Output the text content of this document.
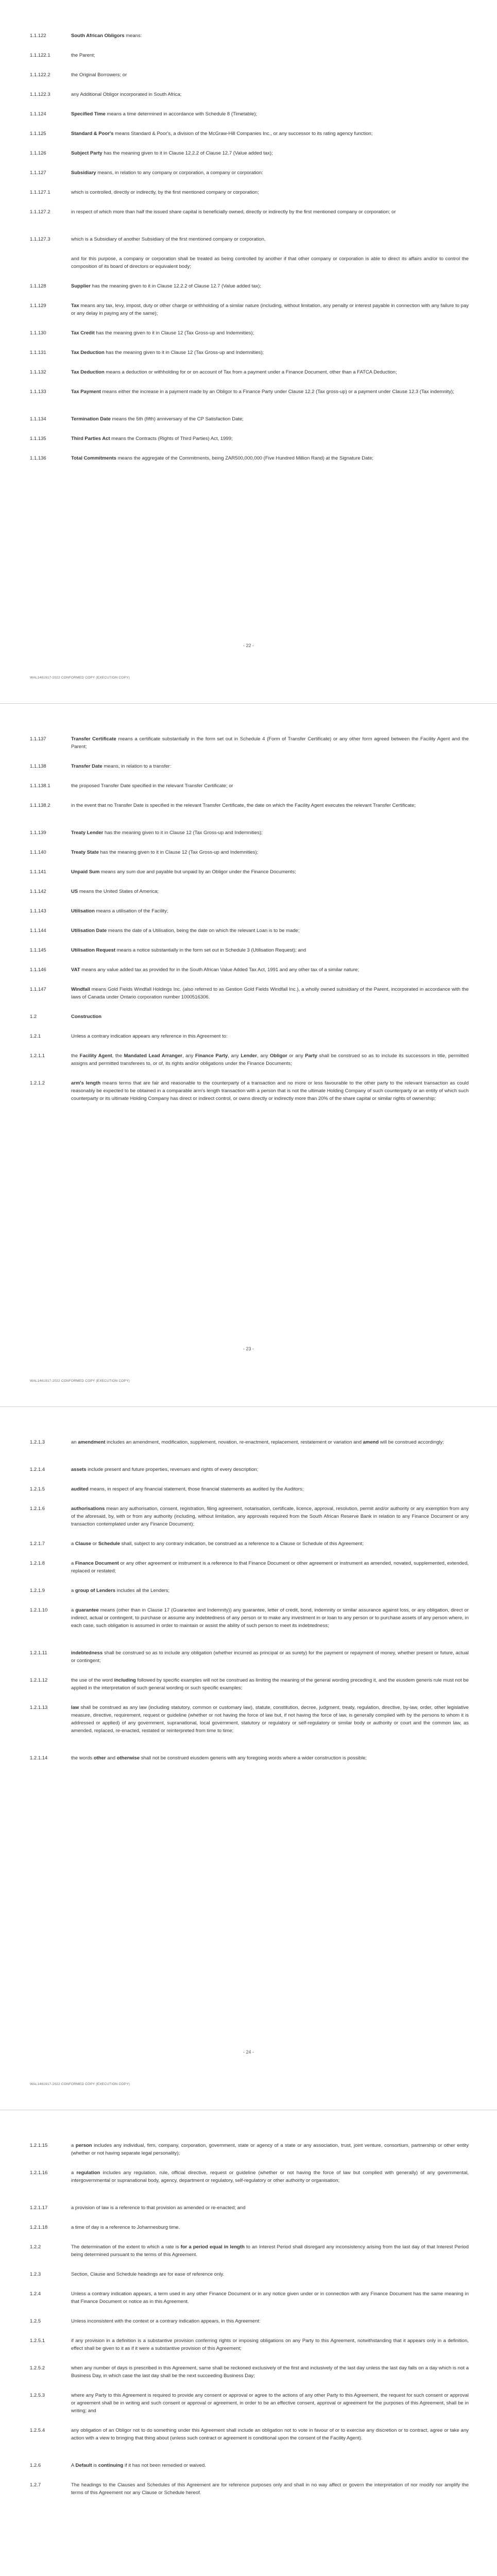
1.1.122	South African Obligors means:
1.1.122.1	the Parent;
1.1.122.2	the Original Borrowers; or
1.1.122.3	any Additional Obligor incorporated in South Africa;
1.1.124	Specified Time means a time determined in accordance with Schedule 8 (Timetable);
1.1.125	Standard & Poor's means Standard & Poor's, a division of the McGraw-Hill Companies Inc., or any successor to its rating agency function;
1.1.126	Subject Party has the meaning given to it in Clause 12.2.2 of Clause 12.7 (Value added tax);
1.1.127	Subsidiary means, in relation to any company or corporation, a company or corporation:
1.1.127.1	which is controlled, directly or indirectly, by the first mentioned company or corporation;
1.1.127.2	in respect of which more than half the issued share capital is beneficially owned, directly or indirectly by the first mentioned company or corporation; or
1.1.127.3	which is a Subsidiary of another Subsidiary of the first mentioned company or corporation,
and for this purpose, a company or corporation shall be treated as being controlled by another if that other company or corporation is able to direct its affairs and/or to control the composition of its board of directors or equivalent body;
1.1.128	Supplier has the meaning given to it in Clause 12.2.2 of Clause 12.7 (Value added tax);
1.1.129	Tax means any tax, levy, impost, duty or other charge or withholding of a similar nature (including, without limitation, any penalty or interest payable in connection with any failure to pay or any delay in paying any of the same);
1.1.130	Tax Credit has the meaning given to it in Clause 12 (Tax Gross-up and Indemnities);
1.1.131	Tax Deduction has the meaning given to it in Clause 12 (Tax Gross-up and Indemnities);
1.1.132	Tax Deduction means a deduction or withholding for or on account of Tax from a payment under a Finance Document, other than a FATCA Deduction;
1.1.133	Tax Payment means either the increase in a payment made by an Obligor to a Finance Party under Clause 12.2 (Tax gross-up) or a payment under Clause 12.3 (Tax indemnity);
1.1.134	Termination Date means the 5th (fifth) anniversary of the CP Satisfaction Date;
1.1.135	Third Parties Act means the Contracts (Rights of Third Parties) Act, 1999;
1.1.136	Total Commitments means the aggregate of the Commitments, being ZAR500,000,000 (Five Hundred Million Rand) at the Signature Date;
- 22 -
WAL1461917-2022 CONFORMED COPY (EXECUTION COPY)
1.1.137	Transfer Certificate means a certificate substantially in the form set out in Schedule 4 (Form of Transfer Certificate) or any other form agreed between the Facility Agent and the Parent;
1.1.138	Transfer Date means, in relation to a transfer:
1.1.138.1	the proposed Transfer Date specified in the relevant Transfer Certificate; or
1.1.138.2	in the event that no Transfer Date is specified in the relevant Transfer Certificate, the date on which the Facility Agent executes the relevant Transfer Certificate;
1.1.139	Treaty Lender has the meaning given to it in Clause 12 (Tax Gross-up and Indemnities);
1.1.140	Treaty State has the meaning given to it in Clause 12 (Tax Gross-up and Indemnities);
1.1.141	Unpaid Sum means any sum due and payable but unpaid by an Obligor under the Finance Documents;
1.1.142	US means the United States of America;
1.1.143	Utilisation means a utilisation of the Facility;
1.1.144	Utilisation Date means the date of a Utilisation, being the date on which the relevant Loan is to be made;
1.1.145	Utilisation Request means a notice substantially in the form set out in Schedule 3 (Utilisation Request); and
1.1.146	VAT means any value added tax as provided for in the South African Value Added Tax Act, 1991 and any other tax of a similar nature;
1.1.147	Windfall means Gold Fields Windfall Holdings Inc. (also referred to as Gestion Gold Fields Windfall Inc.), a wholly owned subsidiary of the Parent, incorporated in accordance with the laws of Canada under Ontario corporation number 1000516306.
1.2	Construction
1.2.1	Unless a contrary indication appears any reference in this Agreement to:
1.2.1.1	the Facility Agent, the Mandated Lead Arranger, any Finance Party, any Lender, any Obligor or any Party shall be construed so as to include its successors in title, permitted assigns and permitted transferees to, or of, its rights and/or obligations under the Finance Documents;
1.2.1.2	arm's length means terms that are fair and reasonable to the counterparty of a transaction and no more or less favourable to the other party to the relevant transaction as could reasonably be expected to be obtained in a comparable arm's length transaction with a person that is not the ultimate Holding Company of such counterparty or an entity of which such counterparty or its ultimate Holding Company has direct or indirect control, or owns directly or indirectly more than 20% of the share capital or similar rights of ownership;
- 23 -
WAL1461917-2022 CONFORMED COPY (EXECUTION COPY)
1.2.1.3	an amendment includes an amendment, modification, supplement, novation, re-enactment, replacement, restatement or variation and amend will be construed accordingly;
1.2.1.4	assets include present and future properties, revenues and rights of every description;
1.2.1.5	audited means, in respect of any financial statement, those financial statements as audited by the Auditors;
1.2.1.6	authorisations mean any authorisation, consent, registration, filing agreement, notarisation, certificate, licence, approval, resolution, permit and/or authority or any exemption from any of the aforesaid, by, with or from any authority (including, without limitation, any approvals required from the South African Reserve Bank in relation to any Finance Document or any transaction contemplated under any Finance Document);
1.2.1.7	a Clause or Schedule shall, subject to any contrary indication, be construed as a reference to a Clause or Schedule of this Agreement;
1.2.1.8	a Finance Document or any other agreement or instrument is a reference to that Finance Document or other agreement or instrument as amended, novated, supplemented, extended, replaced or restated;
1.2.1.9	a group of Lenders includes all the Lenders;
1.2.1.10	a guarantee means (other than in Clause 17 (Guarantee and Indemnity)) any guarantee, letter of credit, bond, indemnity or similar assurance against loss, or any obligation, direct or indirect, actual or contingent, to purchase or assume any indebtedness of any person or to make any investment in or loan to any person or to purchase assets of any person where, in each case, such obligation is assumed in order to maintain or assist the ability of such person to meet its indebtedness;
1.2.1.11	indebtedness shall be construed so as to include any obligation (whether incurred as principal or as surety) for the payment or repayment of money, whether present or future, actual or contingent;
1.2.1.12	the use of the word including followed by specific examples will not be construed as limiting the meaning of the general wording preceding it, and the eiusdem generis rule must not be applied in the interpretation of such general wording or such specific examples;
1.2.1.13	law shall be construed as any law (including statutory, common or customary law), statute, constitution, decree, judgment, treaty, regulation, directive, by-law, order, other legislative measure, directive, requirement, request or guideline (whether or not having the force of law but, if not having the force of law, is generally complied with by the persons to whom it is addressed or applied) of any government, supranational, local government, statutory or regulatory or self-regulatory or similar body or authority or court and the common law, as amended, replaced, re-enacted, restated or reinterpreted from time to time;
1.2.1.14	the words other and otherwise shall not be construed eiusdem generis with any foregoing words where a wider construction is possible;
- 24 -
WAL1461917-2022 CONFORMED COPY (EXECUTION COPY)
1.2.1.15	a person includes any individual, firm, company, corporation, government, state or agency of a state or any association, trust, joint venture, consortium, partnership or other entity (whether or not having separate legal personality);
1.2.1.16	a regulation includes any regulation, rule, official directive, request or guideline (whether or not having the force of law but complied with generally) of any governmental, intergovernmental or supranational body, agency, department or regulatory, self-regulatory or other authority or organisation;
1.2.1.17	a provision of law is a reference to that provision as amended or re-enacted; and
1.2.1.18	a time of day is a reference to Johannesburg time.
1.2.2	The determination of the extent to which a rate is for a period equal in length to an Interest Period shall disregard any inconsistency arising from the last day of that Interest Period being determined pursuant to the terms of this Agreement.
1.2.3	Section, Clause and Schedule headings are for ease of reference only.
1.2.4	Unless a contrary indication appears, a term used in any other Finance Document or in any notice given under or in connection with any Finance Document has the same meaning in that Finance Document or notice as in this Agreement.
1.2.5	Unless inconsistent with the context or a contrary indication appears, in this Agreement:
1.2.5.1	if any provision in a definition is a substantive provision conferring rights or imposing obligations on any Party to this Agreement, notwithstanding that it appears only in a definition, effect shall be given to it as if it were a substantive provision of this Agreement;
1.2.5.2	when any number of days is prescribed in this Agreement, same shall be reckoned exclusively of the first and inclusively of the last day unless the last day falls on a day which is not a Business Day, in which case the last day shall be the next succeeding Business Day;
1.2.5.3	where any Party to this Agreement is required to provide any consent or approval or agree to the actions of any other Party to this Agreement, the request for such consent or approval or agreement shall be in writing and such consent or approval or agreement, in order to be an effective consent, approval or agreement for the purposes of this Agreement, shall be in writing; and
1.2.5.4	any obligation of an Obligor not to do something under this Agreement shall include an obligation not to vote in favour of or to exercise any discretion or to contract, agree or take any action with a view to bringing that thing about (unless such contract or agreement is conditional upon the consent of the Facility Agent).
1.2.6	A Default is continuing if it has not been remedied or waived.
1.2.7	The headings to the Clauses and Schedules of this Agreement are for reference purposes only and shall in no way affect or govern the interpretation of nor modify nor amplify the terms of this Agreement nor any Clause or Schedule hereof.
